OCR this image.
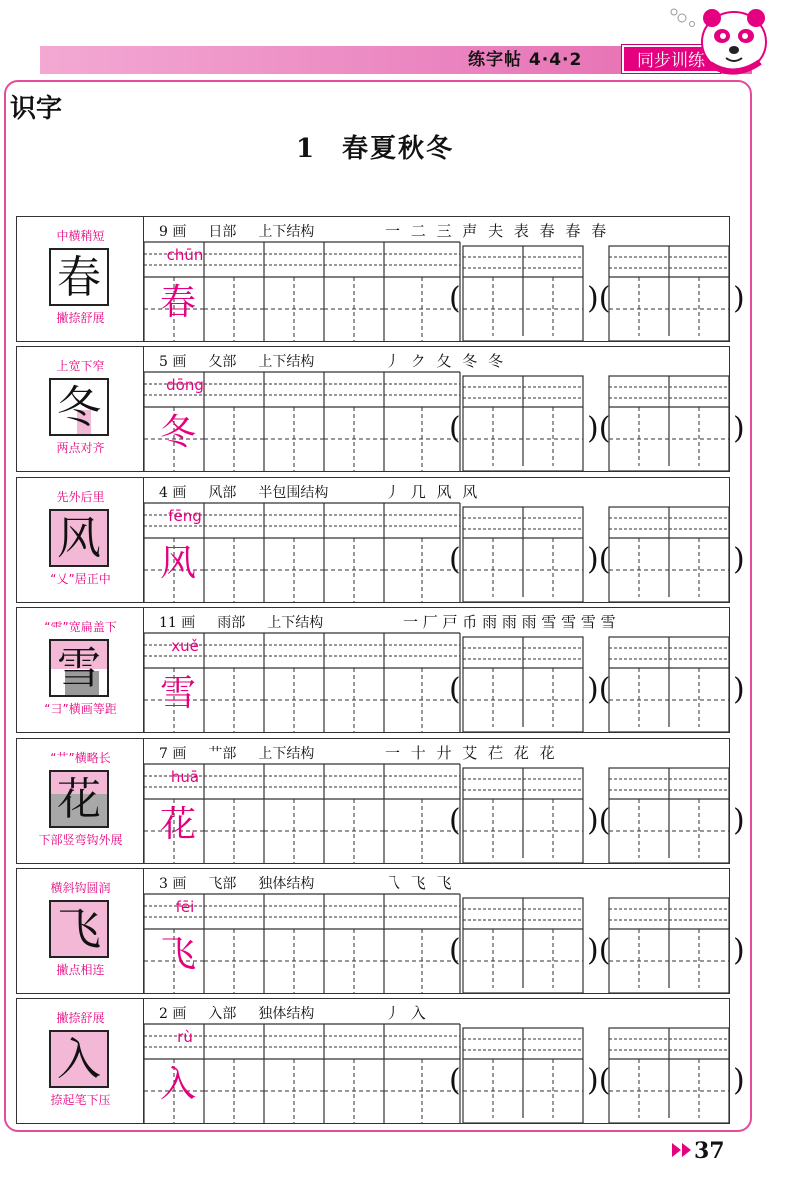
练字帖 4·4·2	同步训练
识字
1 春夏秋冬
中横稍短
春
撇捺舒展
9 画 日部 上下结构	一 二 三 声 夫 表 春 春 春
chūn
春	(	)(	)
上宽下窄
冬
两点对齐
5 画 夂部 上下结构	丿 ク 夂 冬 冬
dōng
冬	(	)(	)
先外后里
风
“乂”居正中
4 画 风部 半包围结构	丿 几 风 风
fēng
风	(	)(	)
“⻗”宽扁盖下
雪
“彐”横画等距
11 画 雨部 上下结构	一 厂 戸 币 雨 雨 雨 雪 雪 雪 雪
xuě
雪	(	)(	)
“艹”横略长
花
下部竖弯钩外展
7 画 艹部 上下结构	一 十 廾 艾 芢 花 花
huā
花	(	)(	)
横斜钩圆润
飞
撇点相连
3 画 飞部 独体结构	乁 飞 飞
fēi
飞	(	)(	)
撇捺舒展
入
捺起笔下压
2 画 入部 独体结构	丿 入
rù
入	(	)(	)
37
